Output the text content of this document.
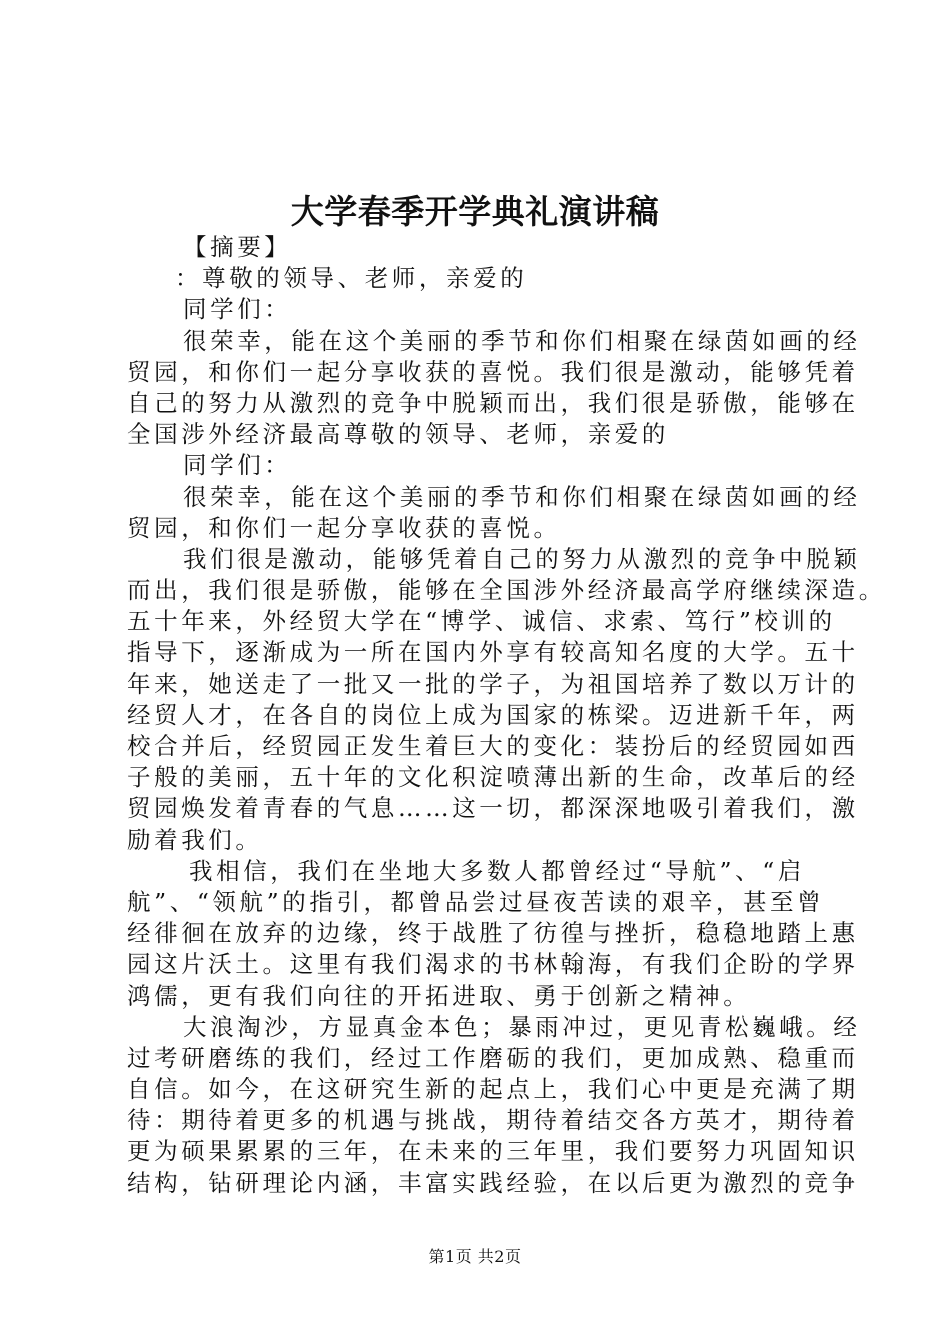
大学春季开学典礼演讲稿
【摘要】
：尊敬的领导、老师，亲爱的
同学们：
很荣幸，能在这个美丽的季节和你们相聚在绿茵如画的经
贸园，和你们一起分享收获的喜悦。我们很是激动，能够凭着
自己的努力从激烈的竞争中脱颖而出，我们很是骄傲，能够在
全国涉外经济最高尊敬的领导、老师，亲爱的
同学们：
很荣幸，能在这个美丽的季节和你们相聚在绿茵如画的经
贸园，和你们一起分享收获的喜悦。
我们很是激动，能够凭着自己的努力从激烈的竞争中脱颖
而出，我们很是骄傲，能够在全国涉外经济最高学府继续深造。
五十年来，外经贸大学在“博学、诚信、求索、笃行”校训的
指导下，逐渐成为一所在国内外享有较高知名度的大学。五十
年来，她送走了一批又一批的学子，为祖国培养了数以万计的
经贸人才，在各自的岗位上成为国家的栋梁。迈进新千年，两
校合并后，经贸园正发生着巨大的变化：装扮后的经贸园如西
子般的美丽，五十年的文化积淀喷薄出新的生命，改革后的经
贸园焕发着青春的气息……这一切，都深深地吸引着我们，激
励着我们。
我相信，我们在坐地大多数人都曾经过“导航”、“启
航”、“领航”的指引，都曾品尝过昼夜苦读的艰辛，甚至曾
经徘徊在放弃的边缘，终于战胜了彷徨与挫折，稳稳地踏上惠
园这片沃土。这里有我们渴求的书林翰海，有我们企盼的学界
鸿儒，更有我们向往的开拓进取、勇于创新之精神。
大浪淘沙，方显真金本色；暴雨冲过，更见青松巍峨。经
过考研磨练的我们，经过工作磨砺的我们，更加成熟、稳重而
自信。如今，在这研究生新的起点上，我们心中更是充满了期
待：期待着更多的机遇与挑战，期待着结交各方英才，期待着
更为硕果累累的三年，在未来的三年里，我们要努力巩固知识
结构，钻研理论内涵，丰富实践经验，在以后更为激烈的竞争
第1页 共2页
